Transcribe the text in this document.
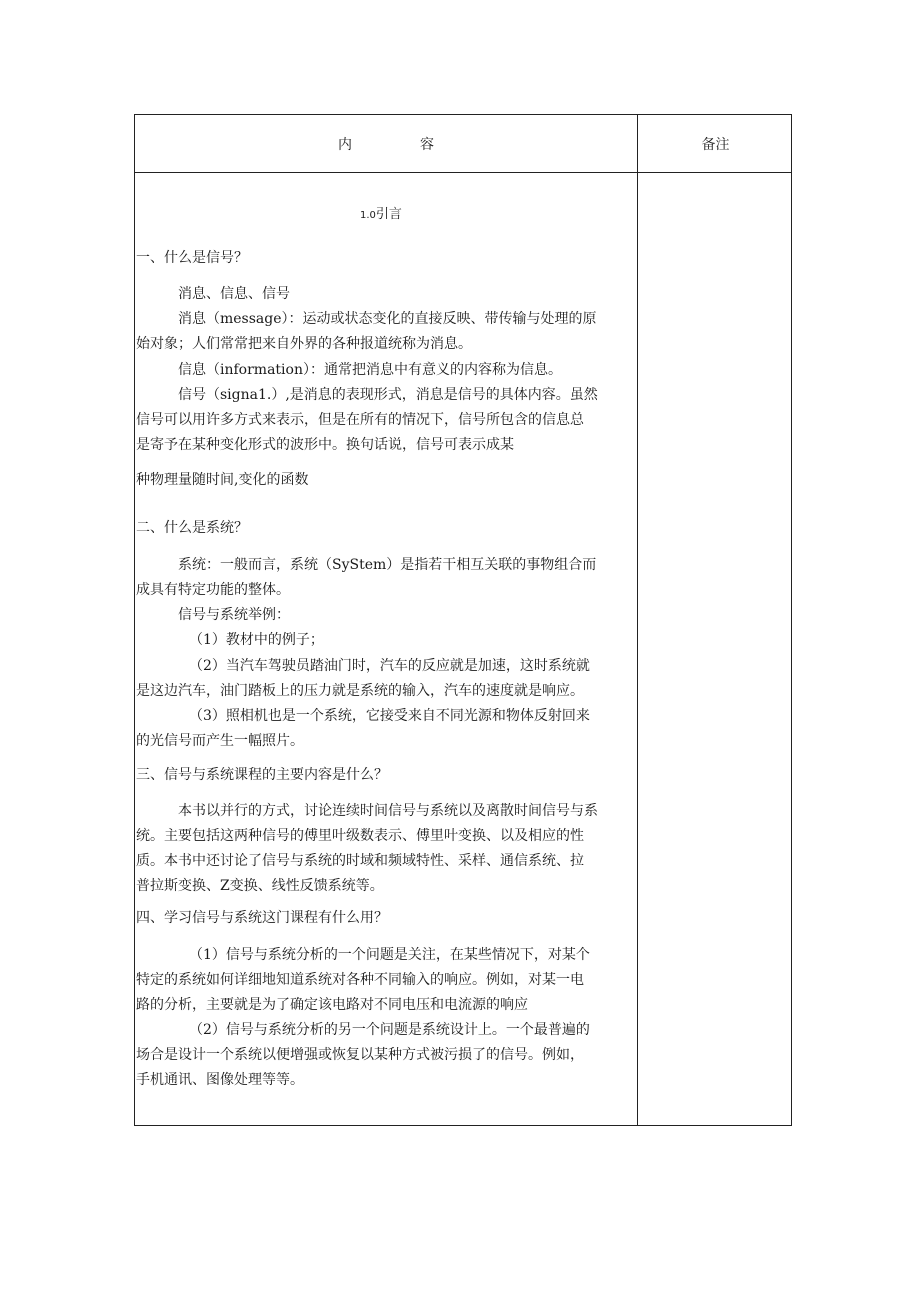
内	容	备注
1.0引言
一、什么是信号？
消息、信息、信号
消息（message）：运动或状态变化的直接反映、带传输与处理的原
始对象；人们常常把来自外界的各种报道统称为消息。
信息（information）：通常把消息中有意义的内容称为信息。
信号（signa1.）,是消息的表现形式，消息是信号的具体内容。虽然
信号可以用许多方式来表示，但是在所有的情况下，信号所包含的信息总
是寄予在某种变化形式的波形中。换句话说，信号可表示成某
种物理量随时间,变化的函数
二、什么是系统？
系统：一般而言，系统（SyStem）是指若干相互关联的事物组合而
成具有特定功能的整体。
信号与系统举例：
（1）教材中的例子；
（2）当汽车驾驶员踏油门时，汽车的反应就是加速，这时系统就
是这边汽车，油门踏板上的压力就是系统的输入，汽车的速度就是响应。
（3）照相机也是一个系统，它接受来自不同光源和物体反射回来
的光信号而产生一幅照片。
三、信号与系统课程的主要内容是什么？
本书以并行的方式，讨论连续时间信号与系统以及离散时间信号与系
统。主要包括这两种信号的傅里叶级数表示、傅里叶变换、以及相应的性
质。本书中还讨论了信号与系统的时域和频域特性、采样、通信系统、拉
普拉斯变换、Z变换、线性反馈系统等。
四、学习信号与系统这门课程有什么用？
（1）信号与系统分析的一个问题是关注，在某些情况下，对某个
特定的系统如何详细地知道系统对各种不同输入的响应。例如，对某一电
路的分析，主要就是为了确定该电路对不同电压和电流源的响应
（2）信号与系统分析的另一个问题是系统设计上。一个最普遍的
场合是设计一个系统以便增强或恢复以某种方式被污损了的信号。例如，
手机通讯、图像处理等等。
